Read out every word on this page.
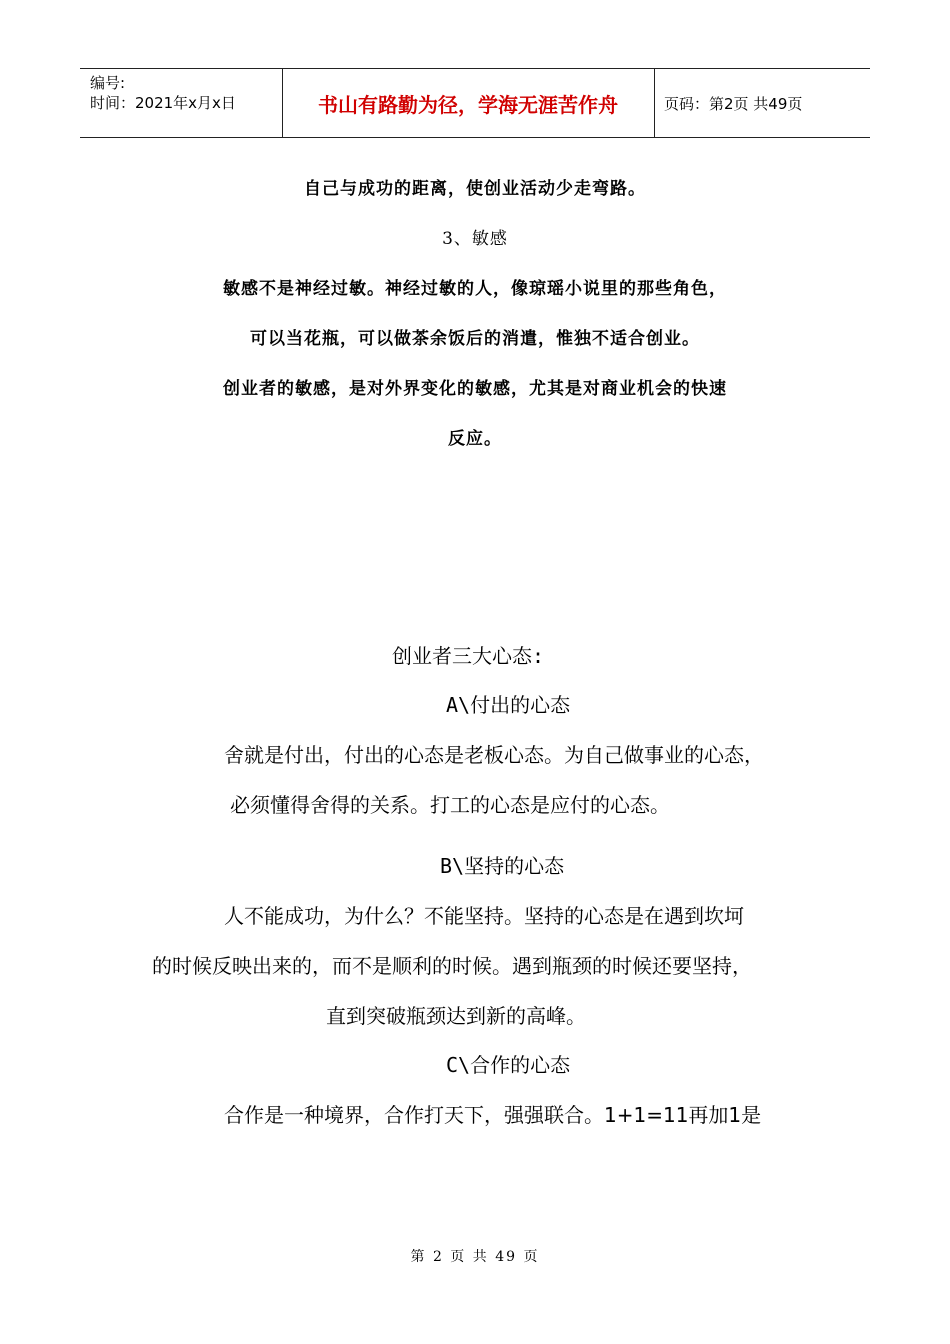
编号:
时间：2021年x月x日	书山有路勤为径，学海无涯苦作舟	页码：第2页 共49页
自己与成功的距离，使创业活动少走弯路。
3、敏感
敏感不是神经过敏。神经过敏的人，像琼瑶小说里的那些角色，
可以当花瓶，可以做茶余饭后的消遣，惟独不适合创业。
创业者的敏感，是对外界变化的敏感，尤其是对商业机会的快速
反应。
创业者三大心态:
A\付出的心态
舍就是付出，付出的心态是老板心态。为自己做事业的心态，
必须懂得舍得的关系。打工的心态是应付的心态。
B\坚持的心态
人不能成功，为什么？不能坚持。坚持的心态是在遇到坎坷
的时候反映出来的，而不是顺利的时候。遇到瓶颈的时候还要坚持，
直到突破瓶颈达到新的高峰。
C\合作的心态
合作是一种境界，合作打天下，强强联合。1+1=11再加1是
第 2 页 共 49 页
